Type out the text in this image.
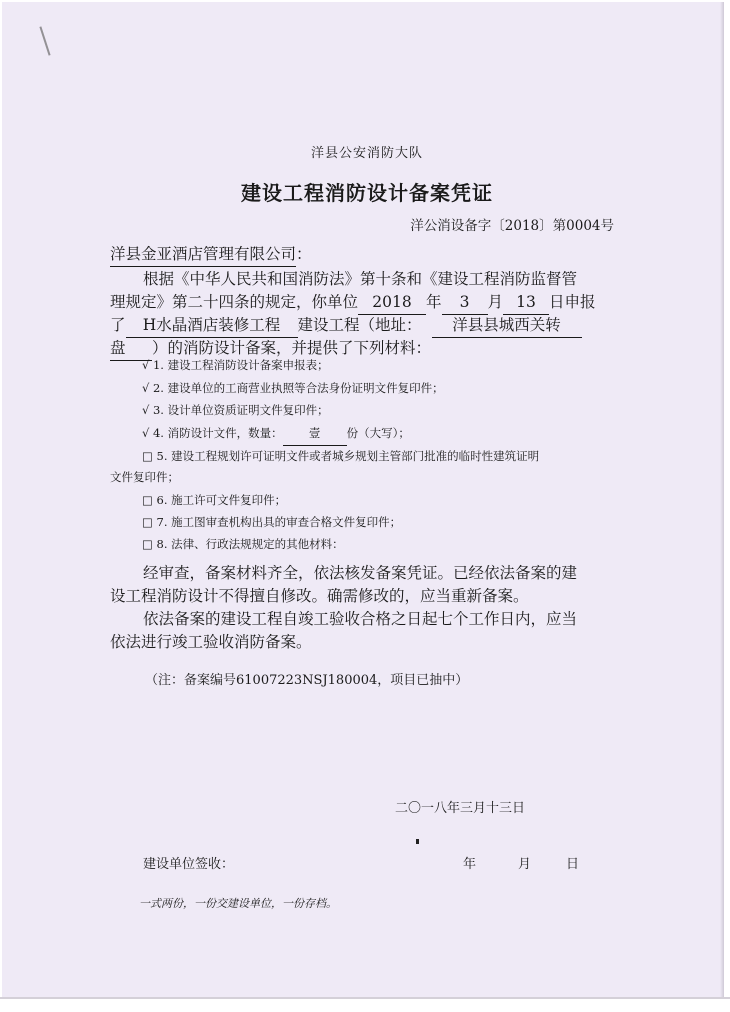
洋县公安消防大队
建设工程消防设计备案凭证
洋公消设备字〔2018〕第0004号
洋县金亚酒店管理有限公司：
根据《中华人民共和国消防法》第十条和《建设工程消防监督管
理规定》第二十四条的规定，你单位 2018 年 3 月 13 日申报
了 H水晶酒店装修工程 建设工程（地址： 洋县县城西关转
盘 ）的消防设计备案，并提供了下列材料：
√ 1. 建设工程消防设计备案申报表；
√ 2. 建设单位的工商营业执照等合法身份证明文件复印件；
√ 3. 设计单位资质证明文件复印件；
√ 4. 消防设计文件，数量： 壹 份（大写）；
□ 5. 建设工程规划许可证明文件或者城乡规划主管部门批准的临时性建筑证明
文件复印件；
□ 6. 施工许可文件复印件；
□ 7. 施工图审查机构出具的审查合格文件复印件；
□ 8. 法律、行政法规规定的其他材料：
经审查，备案材料齐全，依法核发备案凭证。已经依法备案的建
设工程消防设计不得擅自修改。确需修改的，应当重新备案。
依法备案的建设工程自竣工验收合格之日起七个工作日内，应当
依法进行竣工验收消防备案。
（注：备案编号61007223NSJ180004，项目已抽中）
二〇一八年三月十三日
建设单位签收：	年	月	日
一式两份，一份交建设单位，一份存档。
